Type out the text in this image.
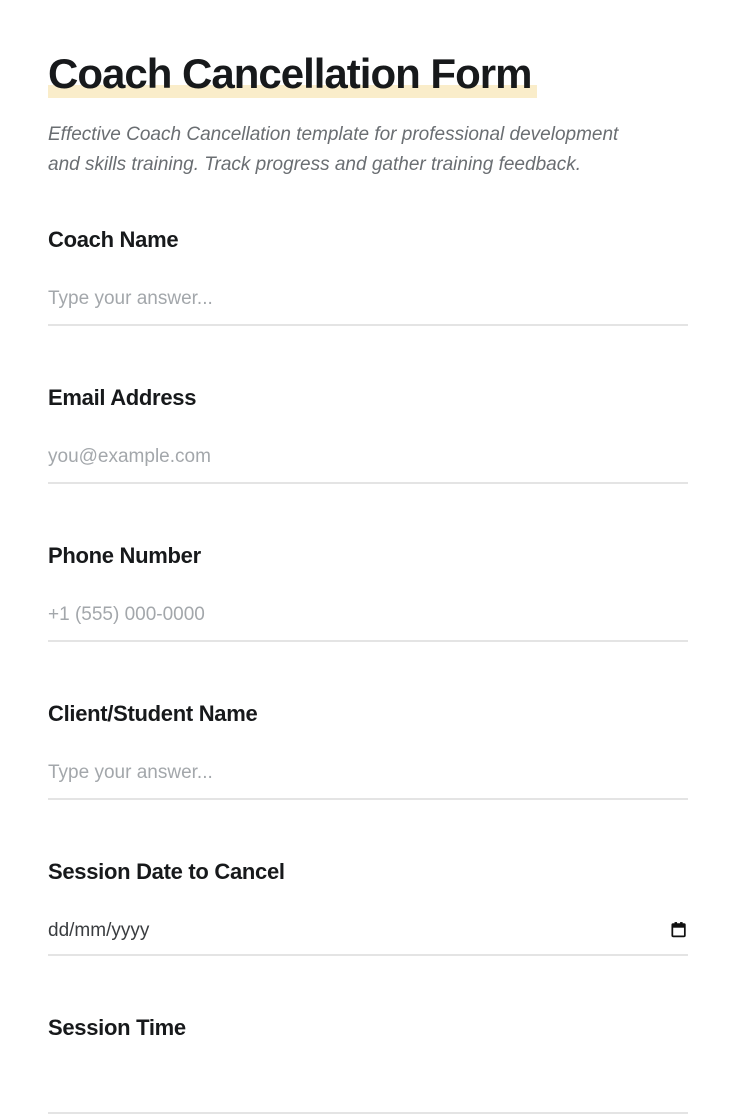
Coach Cancellation Form

Effective Coach Cancellation template for professional development and skills training. Track progress and gather training feedback.

Coach Name
Type your answer...
Email Address
you@example.com
Phone Number
+1 (555) 000-0000
Client/Student Name
Type your answer...
Session Date to Cancel
dd/mm/yyyy
Session Time
